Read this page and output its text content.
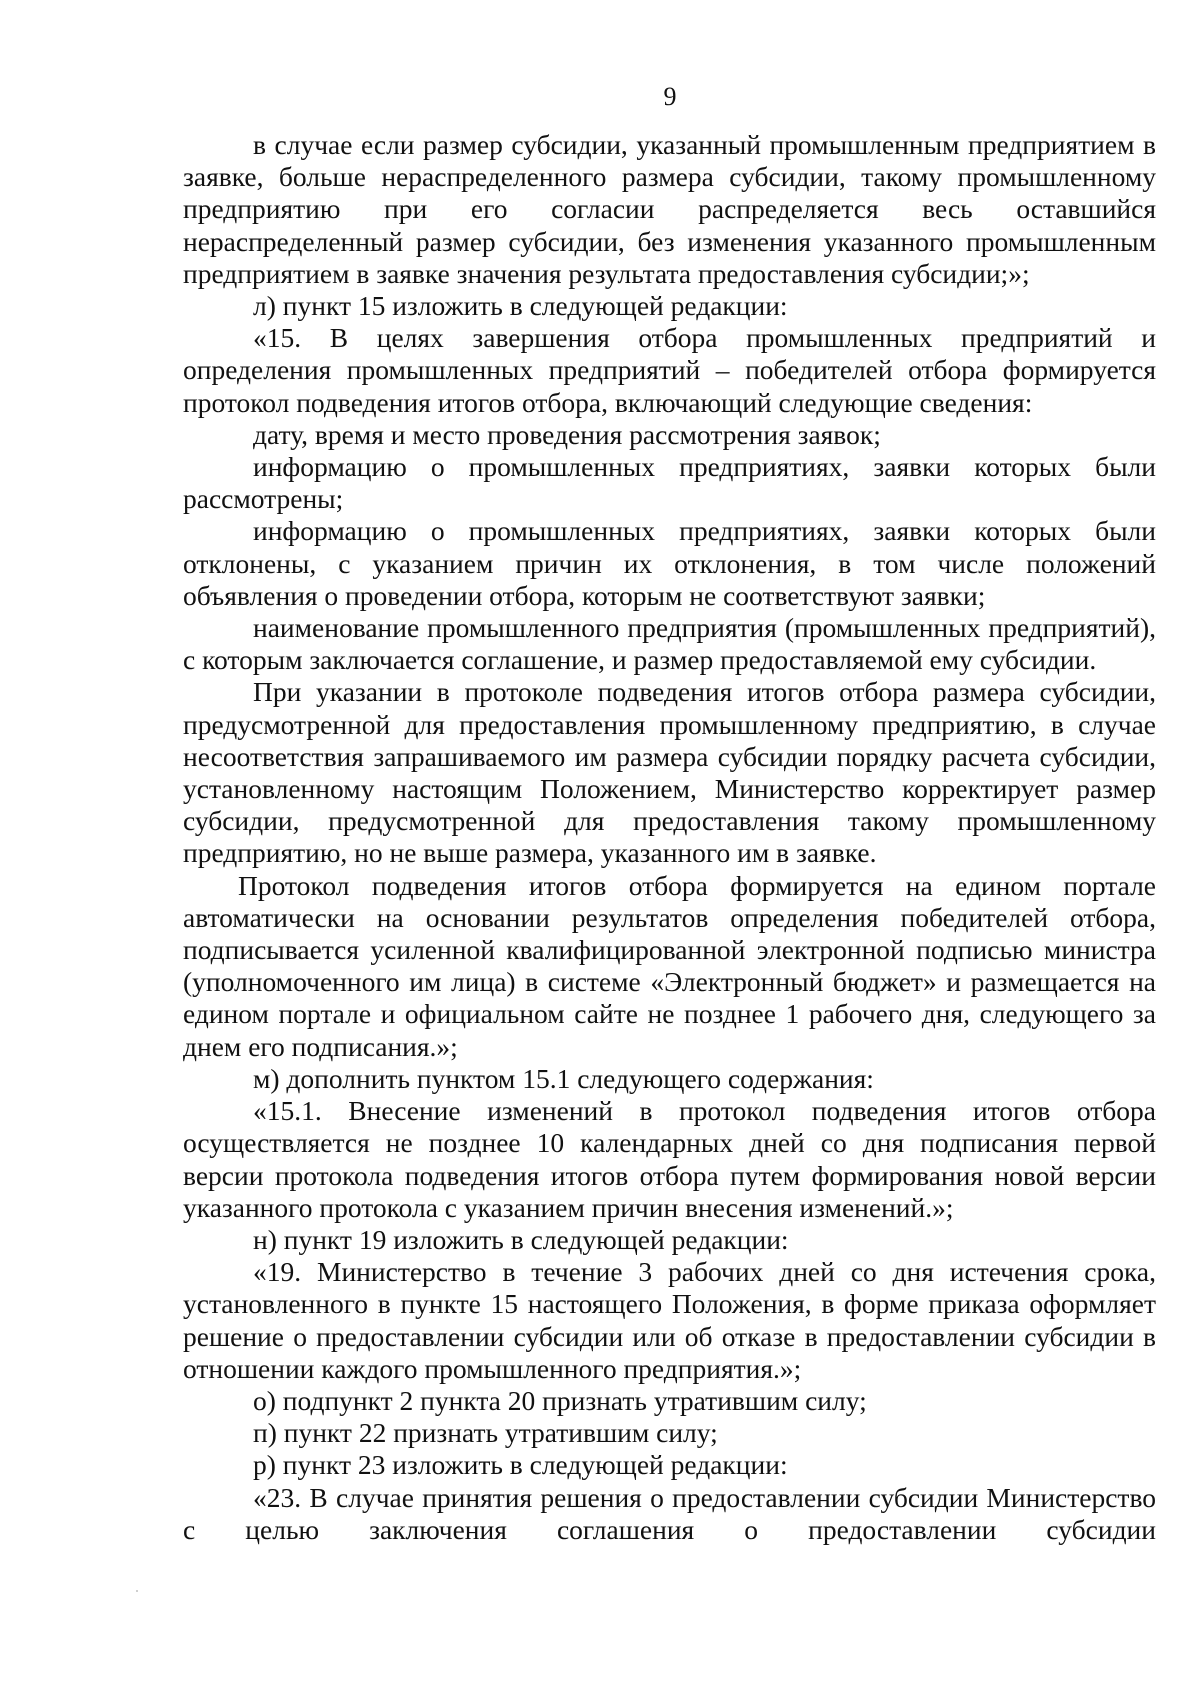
9

в случае если размер субсидии, указанный промышленным предприятием в заявке, больше нераспределенного размера субсидии, такому промышленному предприятию при его согласии распределяется весь оставшийся нераспределенный размер субсидии, без изменения указанного промышленным предприятием в заявке значения результата предоставления субсидии;»;

л) пункт 15 изложить в следующей редакции:

«15. В целях завершения отбора промышленных предприятий и определения промышленных предприятий – победителей отбора формируется протокол подведения итогов отбора, включающий следующие сведения:

дату, время и место проведения рассмотрения заявок;

информацию о промышленных предприятиях, заявки которых были рассмотрены;

информацию о промышленных предприятиях, заявки которых были отклонены, с указанием причин их отклонения, в том числе положений объявления о проведении отбора, которым не соответствуют заявки;

наименование промышленного предприятия (промышленных предприятий), с которым заключается соглашение, и размер предоставляемой ему субсидии.

При указании в протоколе подведения итогов отбора размера субсидии, предусмотренной для предоставления промышленному предприятию, в случае несоответствия запрашиваемого им размера субсидии порядку расчета субсидии, установленному настоящим Положением, Министерство корректирует размер субсидии, предусмотренной для предоставления такому промышленному предприятию, но не выше размера, указанного им в заявке.

Протокол подведения итогов отбора формируется на едином портале автоматически на основании результатов определения победителей отбора, подписывается усиленной квалифицированной электронной подписью министра (уполномоченного им лица) в системе «Электронный бюджет» и размещается на едином портале и официальном сайте не позднее 1 рабочего дня, следующего за днем его подписания.»;

м) дополнить пунктом 15.1 следующего содержания:

«15.1. Внесение изменений в протокол подведения итогов отбора осуществляется не позднее 10 календарных дней со дня подписания первой версии протокола подведения итогов отбора путем формирования новой версии указанного протокола с указанием причин внесения изменений.»;

н) пункт 19 изложить в следующей редакции:

«19. Министерство в течение 3 рабочих дней со дня истечения срока, установленного в пункте 15 настоящего Положения, в форме приказа оформляет решение о предоставлении субсидии или об отказе в предоставлении субсидии в отношении каждого промышленного предприятия.»;

о) подпункт 2 пункта 20 признать утратившим силу;

п) пункт 22 признать утратившим силу;

р) пункт 23 изложить в следующей редакции:

«23. В случае принятия решения о предоставлении субсидии Министерство с целью заключения соглашения о предоставлении субсидии
